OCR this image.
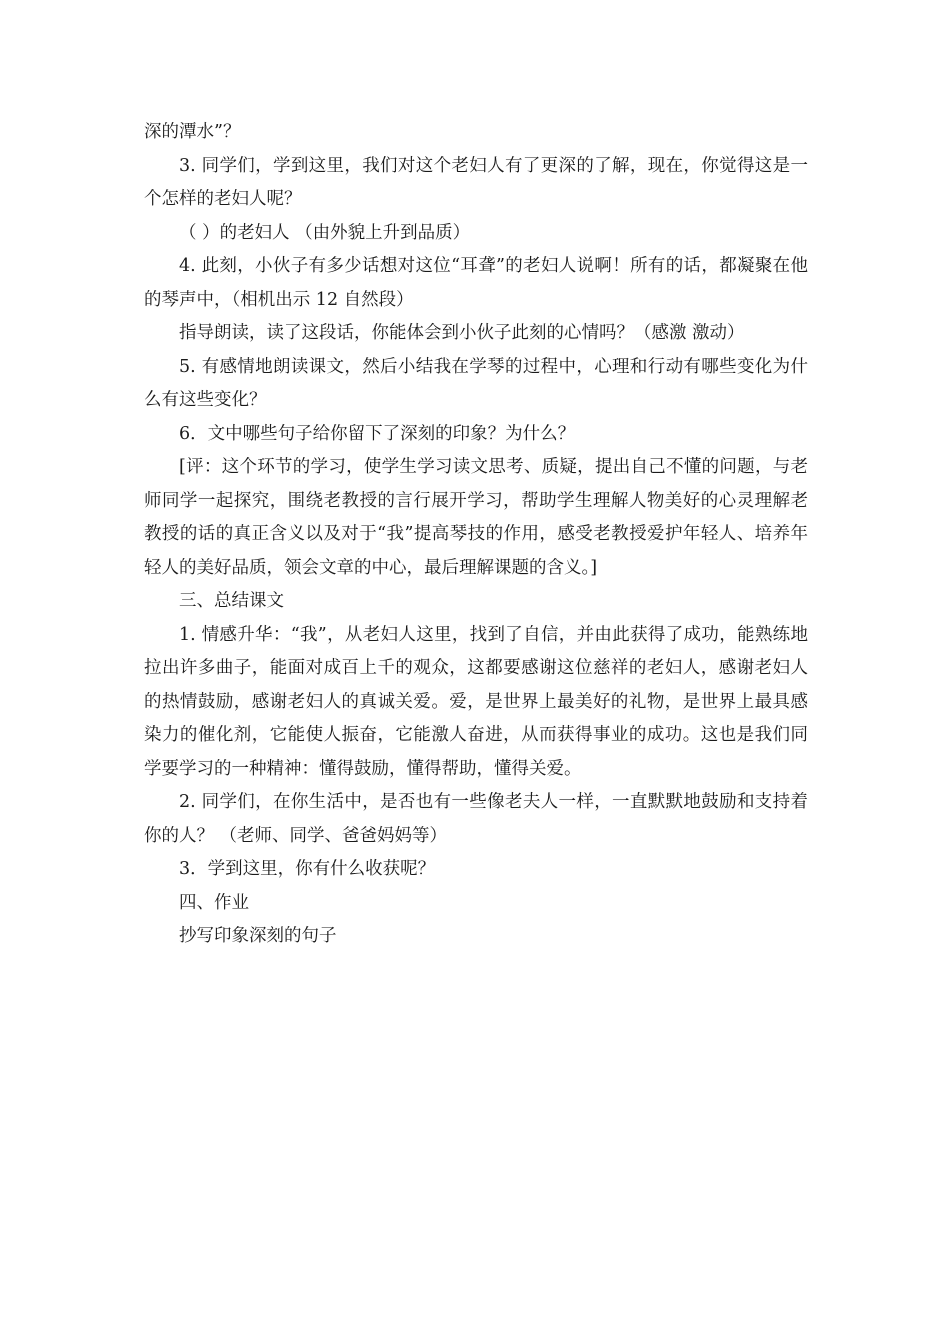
深的潭水”？

3. 同学们，学到这里，我们对这个老妇人有了更深的了解，现在，你觉得这是一个怎样的老妇人呢？

（ ）的老妇人 （由外貌上升到品质）

4. 此刻，小伙子有多少话想对这位“耳聋”的老妇人说啊！所有的话，都凝聚在他的琴声中，（相机出示 12 自然段）

指导朗读，读了这段话，你能体会到小伙子此刻的心情吗？（感激 激动）

5. 有感情地朗读课文，然后小结我在学琴的过程中，心理和行动有哪些变化为什么有这些变化？

6．文中哪些句子给你留下了深刻的印象？为什么？

[评：这个环节的学习，使学生学习读文思考、质疑，提出自己不懂的问题，与老师同学一起探究，围绕老教授的言行展开学习，帮助学生理解人物美好的心灵理解老教授的话的真正含义以及对于“我”提高琴技的作用，感受老教授爱护年轻人、培养年轻人的美好品质，领会文章的中心，最后理解课题的含义。]

三、总结课文

1. 情感升华：“我”，从老妇人这里，找到了自信，并由此获得了成功，能熟练地拉出许多曲子，能面对成百上千的观众，这都要感谢这位慈祥的老妇人，感谢老妇人的热情鼓励，感谢老妇人的真诚关爱。爱，是世界上最美好的礼物，是世界上最具感染力的催化剂，它能使人振奋，它能激人奋进，从而获得事业的成功。这也是我们同学要学习的一种精神：懂得鼓励，懂得帮助，懂得关爱。

2. 同学们，在你生活中，是否也有一些像老夫人一样，一直默默地鼓励和支持着你的人？ （老师、同学、爸爸妈妈等）

3．学到这里，你有什么收获呢？

四、作业

抄写印象深刻的句子
